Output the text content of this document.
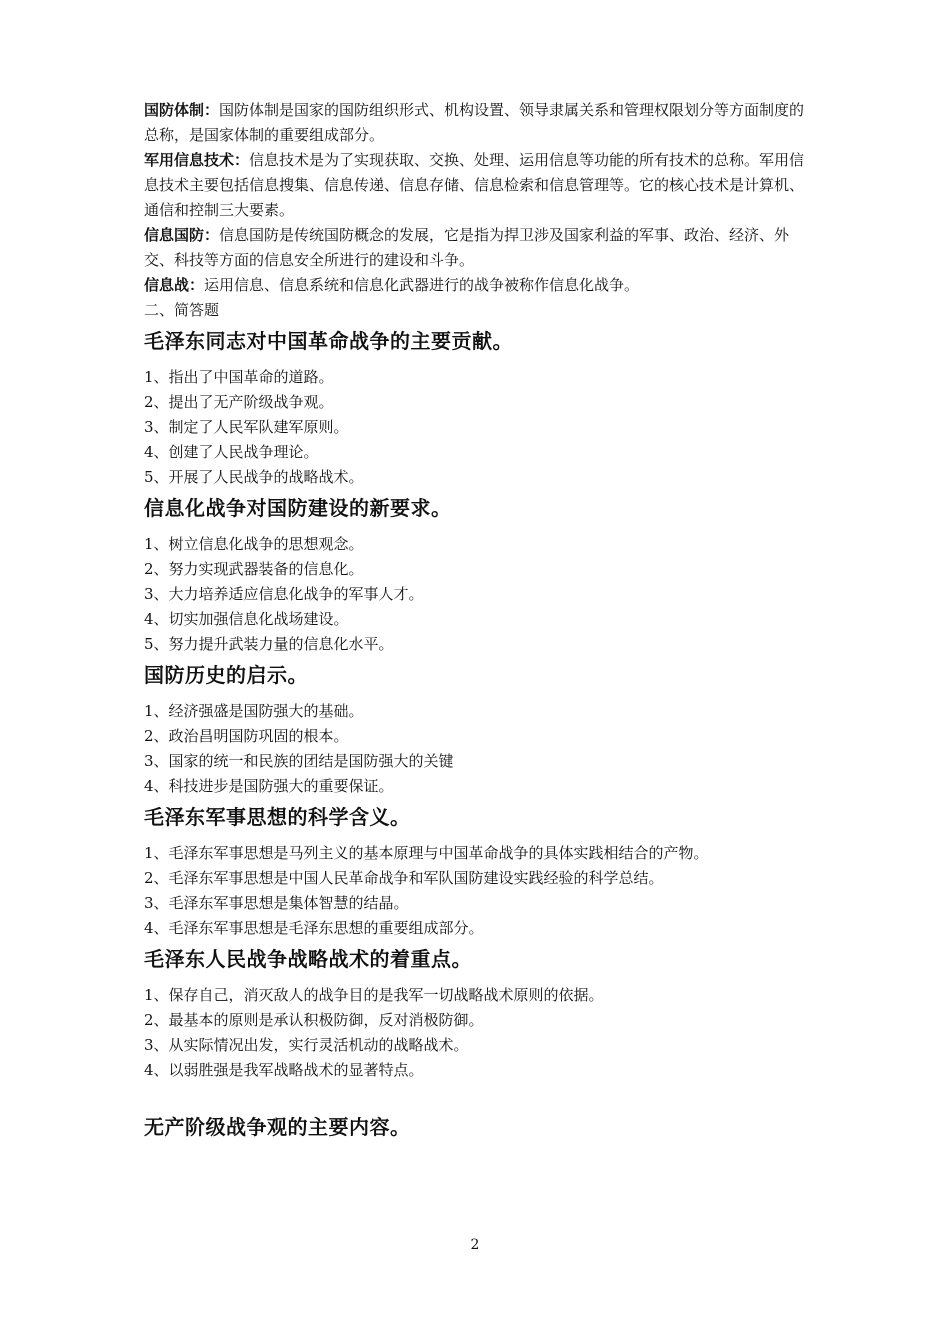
国防体制：国防体制是国家的国防组织形式、机构设置、领导隶属关系和管理权限划分等方面制度的总称，是国家体制的重要组成部分。

军用信息技术：信息技术是为了实现获取、交换、处理、运用信息等功能的所有技术的总称。军用信息技术主要包括信息搜集、信息传递、信息存储、信息检索和信息管理等。它的核心技术是计算机、通信和控制三大要素。

信息国防：信息国防是传统国防概念的发展，它是指为捍卫涉及国家利益的军事、政治、经济、外交、科技等方面的信息安全所进行的建设和斗争。

信息战：运用信息、信息系统和信息化武器进行的战争被称作信息化战争。

二、简答题

毛泽东同志对中国革命战争的主要贡献。
1、指出了中国革命的道路。
2、提出了无产阶级战争观。
3、制定了人民军队建军原则。
4、创建了人民战争理论。
5、开展了人民战争的战略战术。
信息化战争对国防建设的新要求。
1、树立信息化战争的思想观念。
2、努力实现武器装备的信息化。
3、大力培养适应信息化战争的军事人才。
4、切实加强信息化战场建设。
5、努力提升武装力量的信息化水平。
国防历史的启示。
1、经济强盛是国防强大的基础。
2、政治昌明国防巩固的根本。
3、国家的统一和民族的团结是国防强大的关键
4、科技进步是国防强大的重要保证。
毛泽东军事思想的科学含义。
1、毛泽东军事思想是马列主义的基本原理与中国革命战争的具体实践相结合的产物。
2、毛泽东军事思想是中国人民革命战争和军队国防建设实践经验的科学总结。
3、毛泽东军事思想是集体智慧的结晶。
4、毛泽东军事思想是毛泽东思想的重要组成部分。
毛泽东人民战争战略战术的着重点。
1、保存自己，消灭敌人的战争目的是我军一切战略战术原则的依据。
2、最基本的原则是承认积极防御，反对消极防御。
3、从实际情况出发，实行灵活机动的战略战术。
4、以弱胜强是我军战略战术的显著特点。
无产阶级战争观的主要内容。
2
